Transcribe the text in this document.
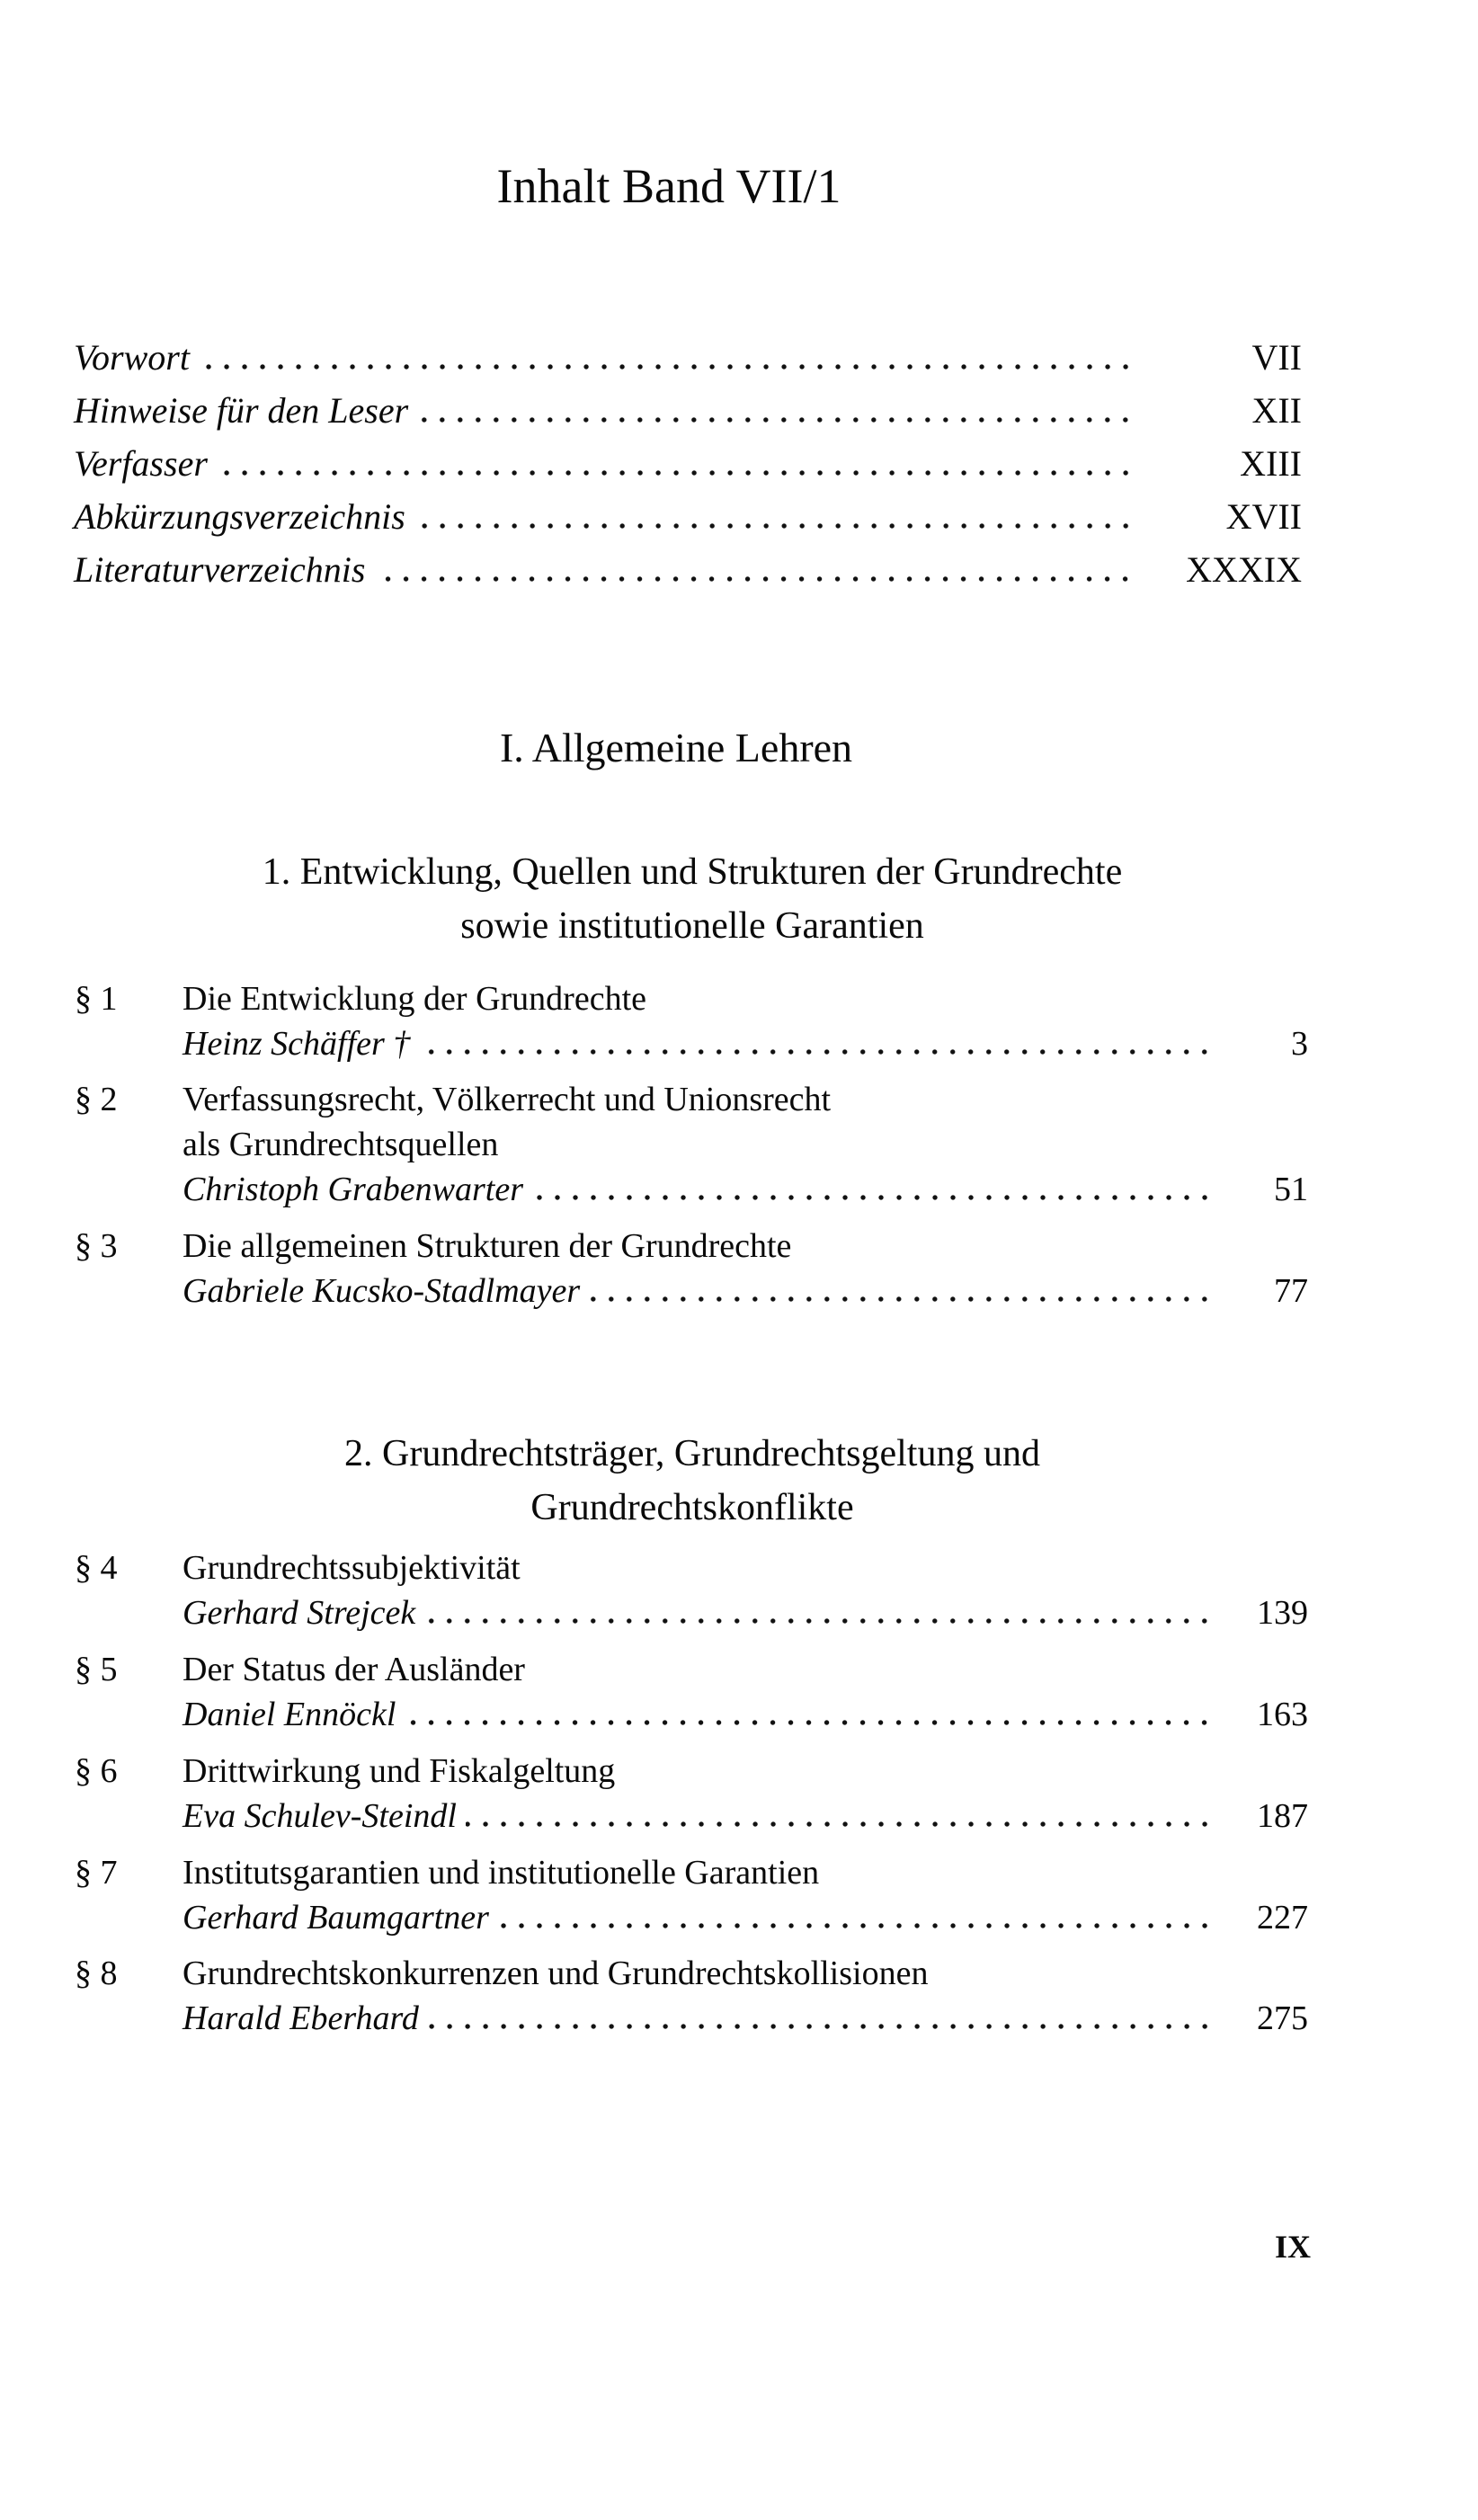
Inhalt Band VII/1
Vorwort	VII
Hinweise für den Leser	XII
Verfasser	XIII
Abkürzungsverzeichnis	XVII
Literaturverzeichnis	XXXIX
I. Allgemeine Lehren
1. Entwicklung, Quellen und Strukturen der Grundrechte
sowie institutionelle Garantien
§ 1 Die Entwicklung der Grundrechte
Heinz Schäffer †	3
§ 2 Verfassungsrecht, Völkerrecht und Unionsrecht
als Grundrechtsquellen
Christoph Grabenwarter	51
§ 3 Die allgemeinen Strukturen der Grundrechte
Gabriele Kucsko-Stadlmayer	77
2. Grundrechtsträger, Grundrechtsgeltung und
Grundrechtskonflikte
§ 4 Grundrechtssubjektivität
Gerhard Strejcek	139
§ 5 Der Status der Ausländer
Daniel Ennöckl	163
§ 6 Drittwirkung und Fiskalgeltung
Eva Schulev-Steindl	187
§ 7 Institutsgarantien und institutionelle Garantien
Gerhard Baumgartner	227
§ 8 Grundrechtskonkurrenzen und Grundrechtskollisionen
Harald Eberhard	275
IX
